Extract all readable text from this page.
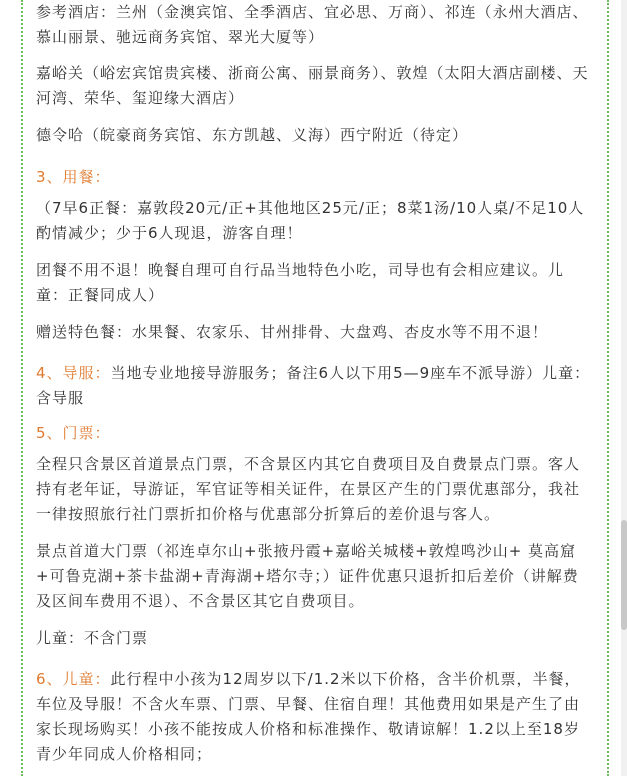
参考酒店：兰州（金澳宾馆、全季酒店、宜必思、万商）、祁连（永州大酒店、慕山丽景、驰远商务宾馆、翠光大厦等）

嘉峪关（峪宏宾馆贵宾楼、浙商公寓、丽景商务）、敦煌（太阳大酒店副楼、天河湾、荣华、玺迎缘大酒店）

德令哈（皖豪商务宾馆、东方凯越、义海）西宁附近（待定）

3、用餐：

（7早6正餐：嘉敦段20元/正+其他地区25元/正；8菜1汤/10人桌/不足10人酌情减少；少于6人现退，游客自理！

团餐不用不退！晚餐自理可自行品当地特色小吃，司导也有会相应建议。儿童：正餐同成人）

赠送特色餐：水果餐、农家乐、甘州排骨、大盘鸡、杏皮水等不用不退！

4、导服：当地专业地接导游服务；备注6人以下用5—9座车不派导游）儿童：含导服

5、门票：

全程只含景区首道景点门票，不含景区内其它自费项目及自费景点门票。客人持有老年证，导游证，军官证等相关证件，在景区产生的门票优惠部分，我社一律按照旅行社门票折扣价格与优惠部分折算后的差价退与客人。

景点首道大门票（祁连卓尔山+张掖丹霞+嘉峪关城楼+敦煌鸣沙山+ 莫高窟+可鲁克湖+茶卡盐湖+青海湖+塔尔寺；）证件优惠只退折扣后差价（讲解费及区间车费用不退）、不含景区其它自费项目。

儿童：不含门票

6、儿童：此行程中小孩为12周岁以下/1.2米以下价格，含半价机票，半餐，车位及导服！不含火车票、门票、早餐、住宿自理！其他费用如果是产生了由家长现场购买！小孩不能按成人价格和标准操作、敬请谅解！1.2以上至18岁青少年同成人价格相同；
